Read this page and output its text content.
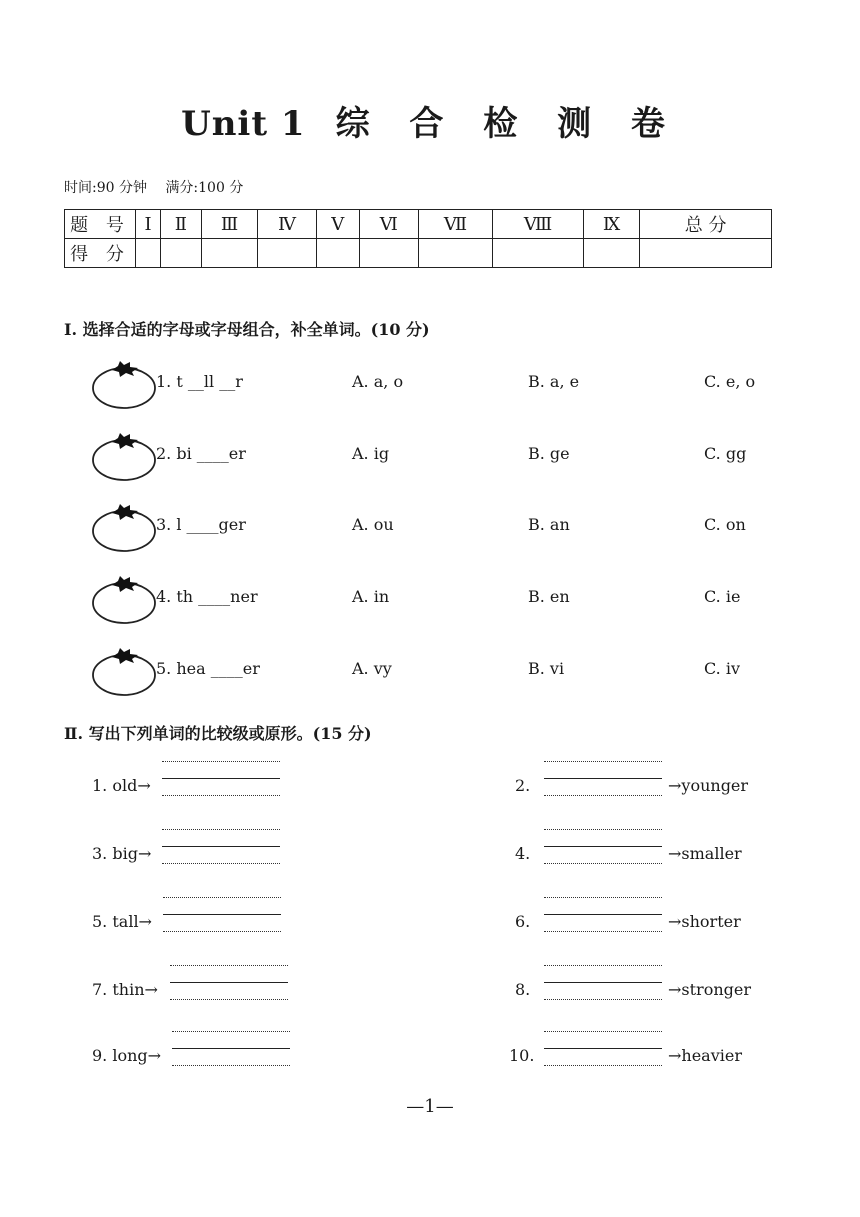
Unit 1 综 合 检 测 卷
时间:90 分钟 满分:100 分
题 号	Ⅰ	Ⅱ	Ⅲ	Ⅳ	Ⅴ	Ⅵ	Ⅶ	Ⅷ	Ⅸ	总 分
得 分										
Ⅰ. 选择合适的字母或字母组合，补全单词。(10 分)
1. t __ll __r	A. a, o	B. a, e	C. e, o
2. bi ____er	A. ig	B. ge	C. gg
3. l ____ger	A. ou	B. an	C. on
4. th ____ner	A. in	B. en	C. ie
5. hea ____er	A. vy	B. vi	C. iv
Ⅱ. 写出下列单词的比较级或原形。(15 分)
1. old→	2.	→younger
3. big→	4.	→smaller
5. tall→	6.	→shorter
7. thin→	8.	→stronger
9. long→	10.	→heavier
—1—
